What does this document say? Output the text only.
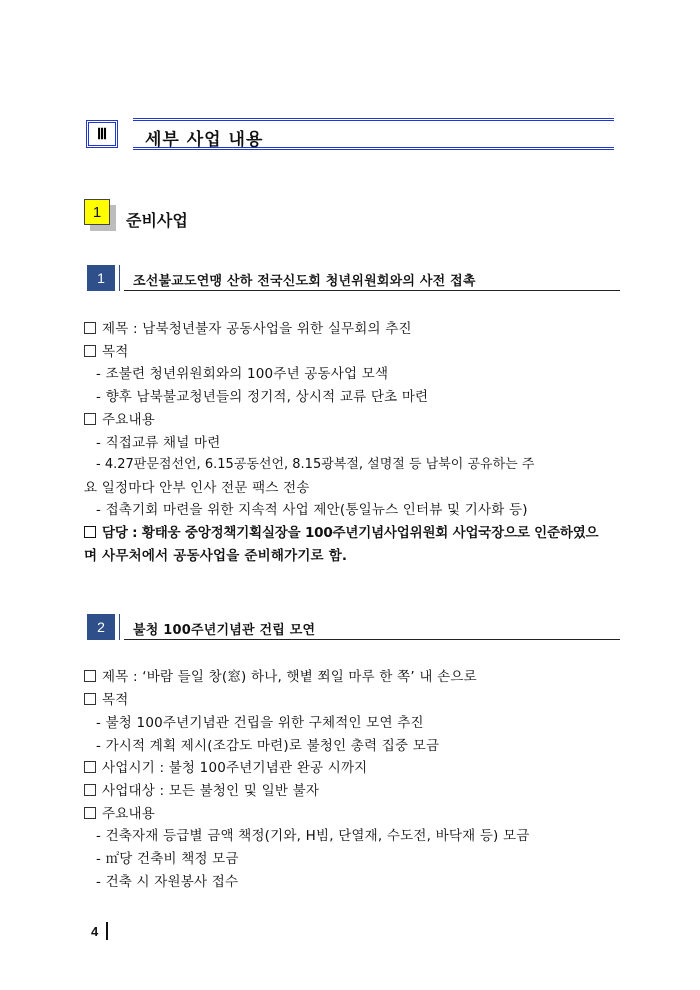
Ⅲ 세부 사업 내용
1 준비사업
1 조선불교도연맹 산하 전국신도회 청년위원회와의 사전 접촉
제목 : 남북청년불자 공동사업을 위한 실무회의 추진
목적
- 조불련 청년위원회와의 100주년 공동사업 모색
- 향후 남북불교청년들의 정기적, 상시적 교류 단초 마련
주요내용
- 직접교류 채널 마련
- 4.27판문점선언, 6.15공동선언, 8.15광복절, 설명절 등 남북이 공유하는 주
요 일정마다 안부 인사 전문 팩스 전송
- 접촉기회 마련을 위한 지속적 사업 제안(통일뉴스 인터뷰 및 기사화 등)
담당 : 황태웅 중앙정책기획실장을 100주년기념사업위원회 사업국장으로 인준하였으
며 사무처에서 공동사업을 준비해가기로 함.
2 불청 100주년기념관 건립 모연
제목 : ‘바람 들일 창(窓) 하나, 햇볕 쬐일 마루 한 쪽’ 내 손으로
목적
- 불청 100주년기념관 건립을 위한 구체적인 모연 추진
- 가시적 계획 제시(조감도 마련)로 불청인 총력 집중 모금
사업시기 : 불청 100주년기념관 완공 시까지
사업대상 : 모든 불청인 및 일반 불자
주요내용
- 건축자재 등급별 금액 책정(기와, H빔, 단열재, 수도전, 바닥재 등) 모금
- ㎡당 건축비 책정 모금
- 건축 시 자원봉사 접수
4
